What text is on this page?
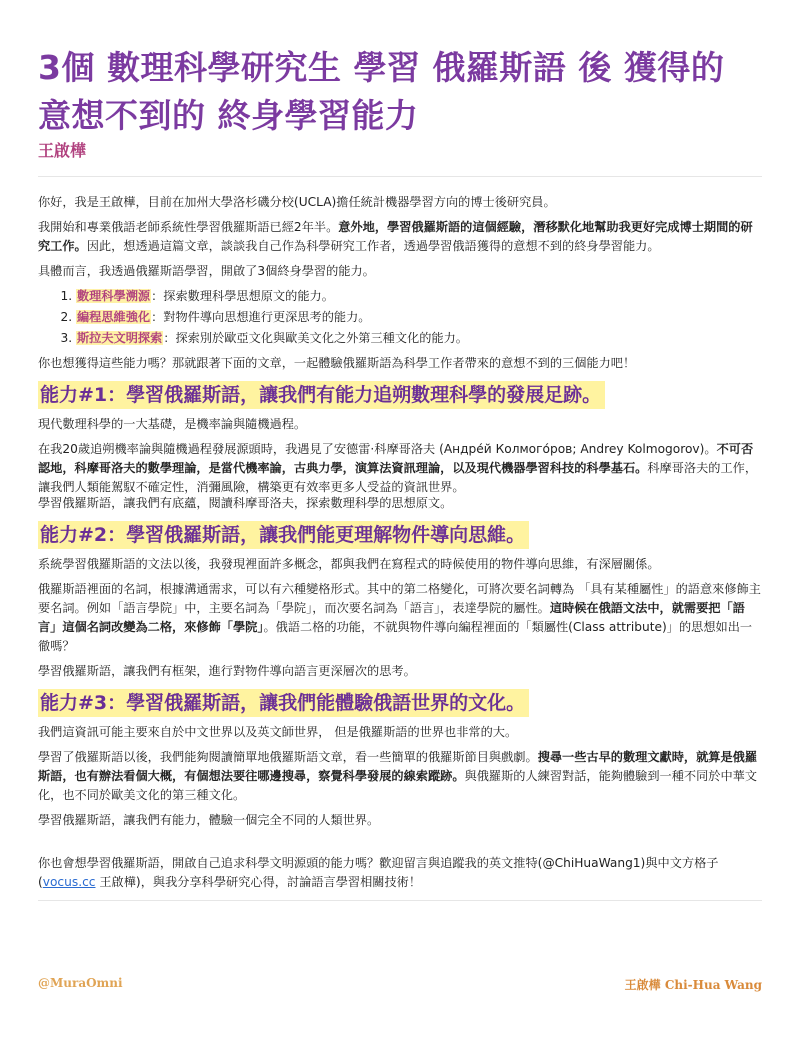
3個 數理科學研究生 學習 俄羅斯語 後 獲得的 意想不到的 終身學習能力
王啟樺

你好，我是王啟樺，目前在加州大學洛杉磯分校(UCLA)擔任統計機器學習方向的博士後研究員。

我開始和專業俄語老師系統性學習俄羅斯語已經2年半。意外地，學習俄羅斯語的這個經驗，潛移默化地幫助我更好完成博士期間的研究工作。因此，想透過這篇文章，談談我自己作為科學研究工作者，透過學習俄語獲得的意想不到的終身學習能力。

具體而言，我透過俄羅斯語學習，開啟了3個終身學習的能力。

1. 數理科學溯源：探索數理科學思想原文的能力。
2. 編程思維強化：對物件導向思想進行更深思考的能力。
3. 斯拉夫文明探索：探索別於歐亞文化與歐美文化之外第三種文化的能力。

你也想獲得這些能力嗎？那就跟著下面的文章，一起體驗俄羅斯語為科學工作者帶來的意想不到的三個能力吧！

能力#1：學習俄羅斯語，讓我們有能力追朔數理科學的發展足跡。

現代數理科學的一大基礎，是機率論與隨機過程。

在我20歲追朔機率論與隨機過程發展源頭時，我遇見了安德雷·科摩哥洛夫 (Андре́й Колмого́ров; Andrey Kolmogorov)。不可否認地，科摩哥洛夫的數學理論，是當代機率論，古典力學，演算法資訊理論，以及現代機器學習科技的科學基石。科摩哥洛夫的工作，讓我們人類能駕馭不確定性，消彌風險，構築更有效率更多人受益的資訊世界。

學習俄羅斯語，讓我們有底蘊，閱讀科摩哥洛夫，探索數理科學的思想原文。

能力#2：學習俄羅斯語，讓我們能更理解物件導向思維。

系統學習俄羅斯語的文法以後，我發現裡面許多概念，都與我們在寫程式的時候使用的物件導向思維，有深層關係。

俄羅斯語裡面的名詞，根據溝通需求，可以有六種變格形式。其中的第二格變化，可將次要名詞轉為 「具有某種屬性」的語意來修飾主要名詞。例如「語言學院」中，主要名詞為「學院」，而次要名詞為「語言」，表達學院的屬性。這時候在俄語文法中，就需要把「語言」這個名詞改變為二格，來修飾「學院」。俄語二格的功能，不就與物件導向編程裡面的「類屬性(Class attribute)」的思想如出一徹嗎？

學習俄羅斯語，讓我們有框架，進行對物件導向語言更深層次的思考。

能力#3：學習俄羅斯語，讓我們能體驗俄語世界的文化。

我們這資訊可能主要來自於中文世界以及英文師世界， 但是俄羅斯語的世界也非常的大。

學習了俄羅斯語以後，我們能夠閱讀簡單地俄羅斯語文章，看一些簡單的俄羅斯節目與戲劇。搜尋一些古早的數理文獻時，就算是俄羅斯語，也有辦法看個大概，有個想法要往哪邊搜尋，察覺科學發展的線索蹤跡。與俄羅斯的人練習對話，能夠體驗到一種不同於中華文化，也不同於歐美文化的第三種文化。

學習俄羅斯語，讓我們有能力，體驗一個完全不同的人類世界。

你也會想學習俄羅斯語，開啟自己追求科學文明源頭的能力嗎？歡迎留言與追蹤我的英文推特(@ChiHuaWang1)與中文方格子(vocus.cc 王啟樺)，與我分享科學研究心得，討論語言學習相關技術！

@MuraOmni	王啟樺 Chi-Hua Wang
